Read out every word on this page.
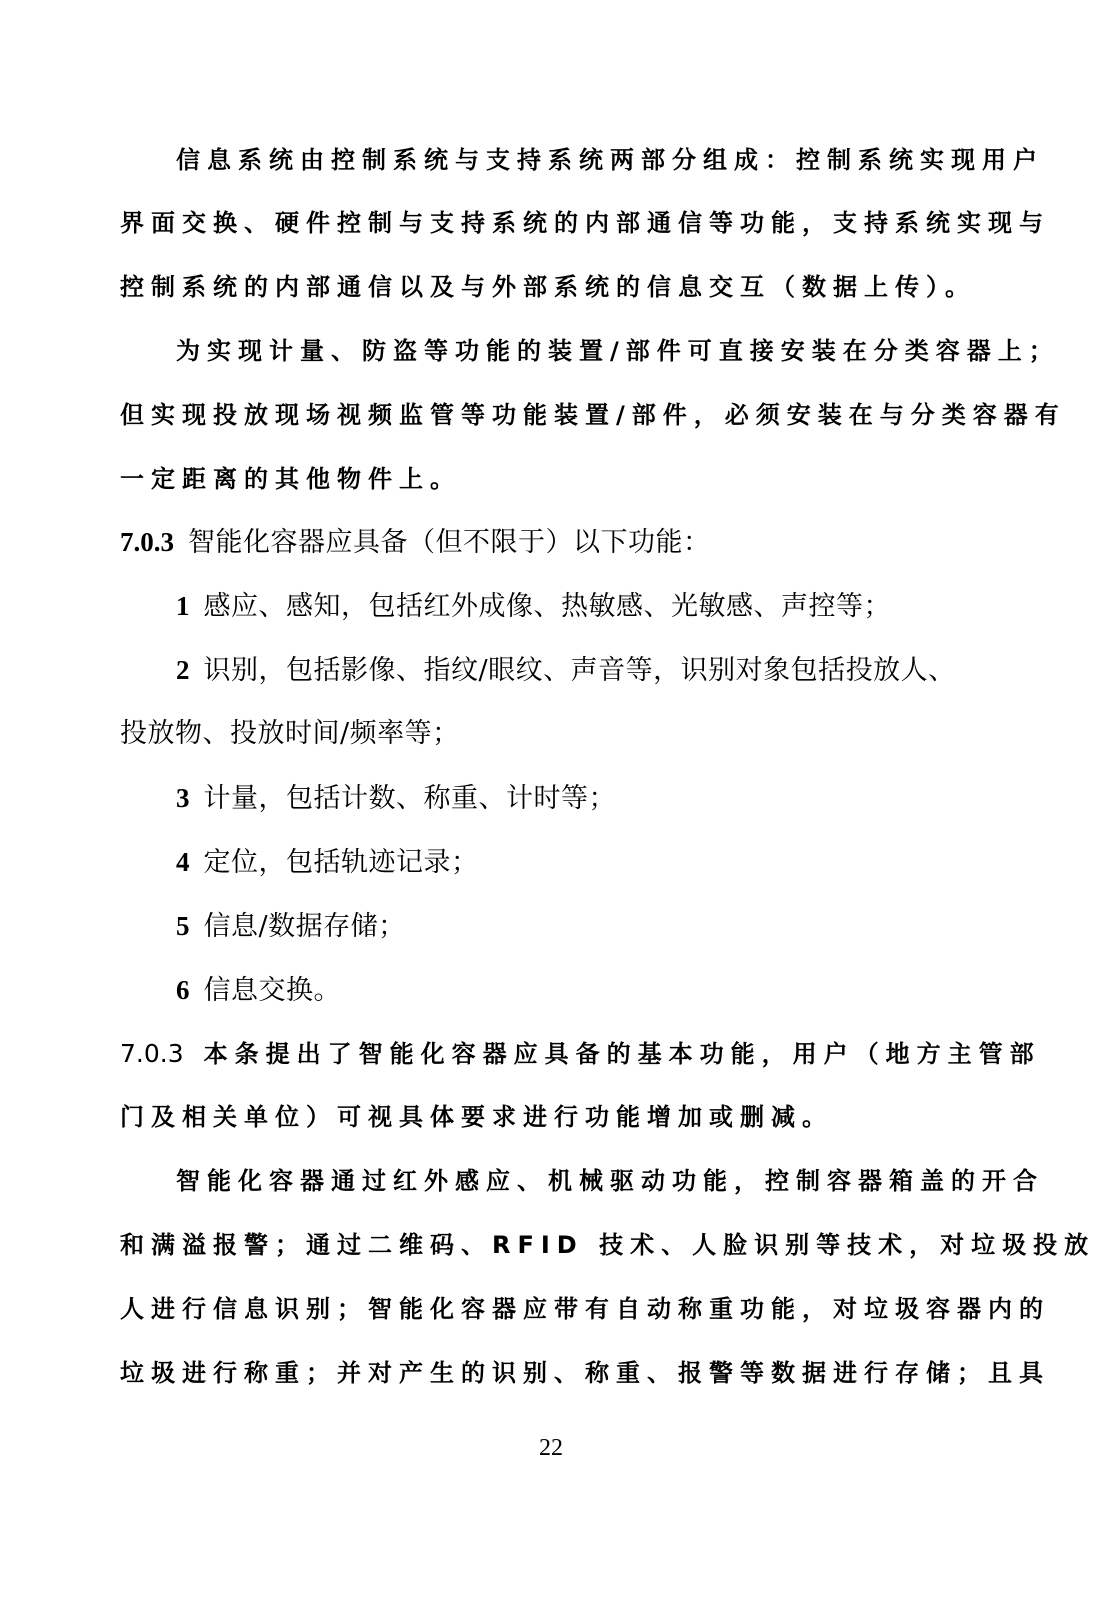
信息系统由控制系统与支持系统两部分组成：控制系统实现用户

界面交换、硬件控制与支持系统的内部通信等功能，支持系统实现与

控制系统的内部通信以及与外部系统的信息交互（数据上传）。

为实现计量、防盗等功能的装置/部件可直接安装在分类容器上；

但实现投放现场视频监管等功能装置/部件，必须安装在与分类容器有

一定距离的其他物件上。

7.0.3 智能化容器应具备（但不限于）以下功能：

1 感应、感知，包括红外成像、热敏感、光敏感、声控等；

2 识别，包括影像、指纹/眼纹、声音等，识别对象包括投放人、

投放物、投放时间/频率等；

3 计量，包括计数、称重、计时等；

4 定位，包括轨迹记录；

5 信息/数据存储；

6 信息交换。

7.0.3 本条提出了智能化容器应具备的基本功能，用户（地方主管部

门及相关单位）可视具体要求进行功能增加或删减。

智能化容器通过红外感应、机械驱动功能，控制容器箱盖的开合

和满溢报警；通过二维码、RFID 技术、人脸识别等技术，对垃圾投放

人进行信息识别；智能化容器应带有自动称重功能，对垃圾容器内的

垃圾进行称重；并对产生的识别、称重、报警等数据进行存储；且具

22
